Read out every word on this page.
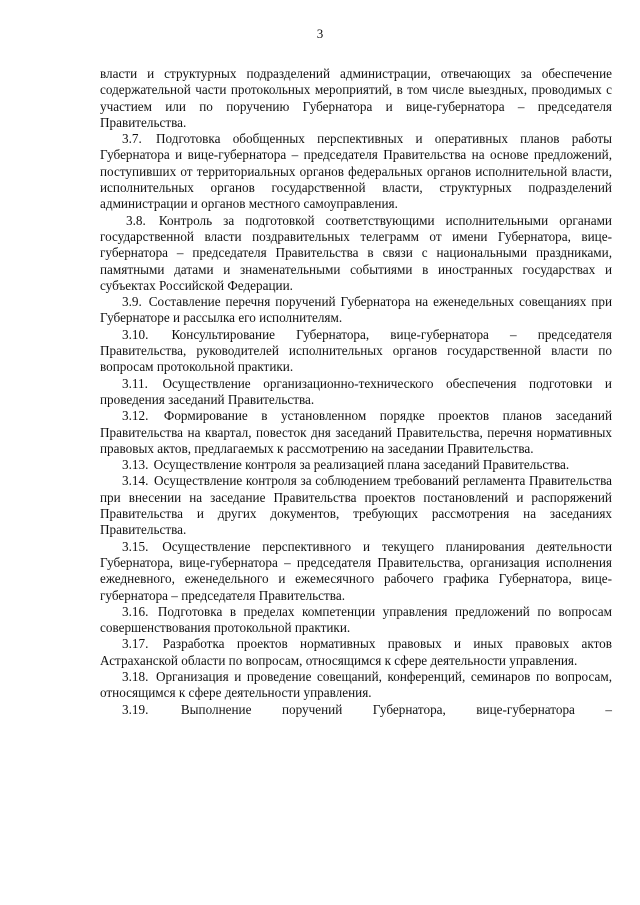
3

власти и структурных подразделений администрации, отвечающих за обеспечение содержательной части протокольных мероприятий, в том числе выездных, проводимых с участием или по поручению Губернатора и вице-губернатора – председателя Правительства.

3.7. Подготовка обобщенных перспективных и оперативных планов работы Губернатора и вице-губернатора – председателя Правительства на основе предложений, поступивших от территориальных органов федеральных органов исполнительной власти, исполнительных органов государственной власти, структурных подразделений администрации и органов местного самоуправления.

3.8. Контроль за подготовкой соответствующими исполнительными органами государственной власти поздравительных телеграмм от имени Губернатора, вице-губернатора – председателя Правительства в связи с национальными праздниками, памятными датами и знаменательными событиями в иностранных государствах и субъектах Российской Федерации.

3.9. Составление перечня поручений Губернатора на еженедельных совещаниях при Губернаторе и рассылка его исполнителям.

3.10. Консультирование Губернатора, вице-губернатора – председателя Правительства, руководителей исполнительных органов государственной власти по вопросам протокольной практики.

3.11. Осуществление организационно-технического обеспечения подготовки и проведения заседаний Правительства.

3.12. Формирование в установленном порядке проектов планов заседаний Правительства на квартал, повесток дня заседаний Правительства, перечня нормативных правовых актов, предлагаемых к рассмотрению на заседании Правительства.

3.13. Осуществление контроля за реализацией плана заседаний Правительства.

3.14. Осуществление контроля за соблюдением требований регламента Правительства при внесении на заседание Правительства проектов постановлений и распоряжений Правительства и других документов, требующих рассмотрения на заседаниях Правительства.

3.15. Осуществление перспективного и текущего планирования деятельности Губернатора, вице-губернатора – председателя Правительства, организация исполнения ежедневного, еженедельного и ежемесячного рабочего графика Губернатора, вице-губернатора – председателя Правительства.

3.16. Подготовка в пределах компетенции управления предложений по вопросам совершенствования протокольной практики.

3.17. Разработка проектов нормативных правовых и иных правовых актов Астраханской области по вопросам, относящимся к сфере деятельности управления.

3.18. Организация и проведение совещаний, конференций, семинаров по вопросам, относящимся к сфере деятельности управления.

3.19. Выполнение поручений Губернатора, вице-губернатора –
